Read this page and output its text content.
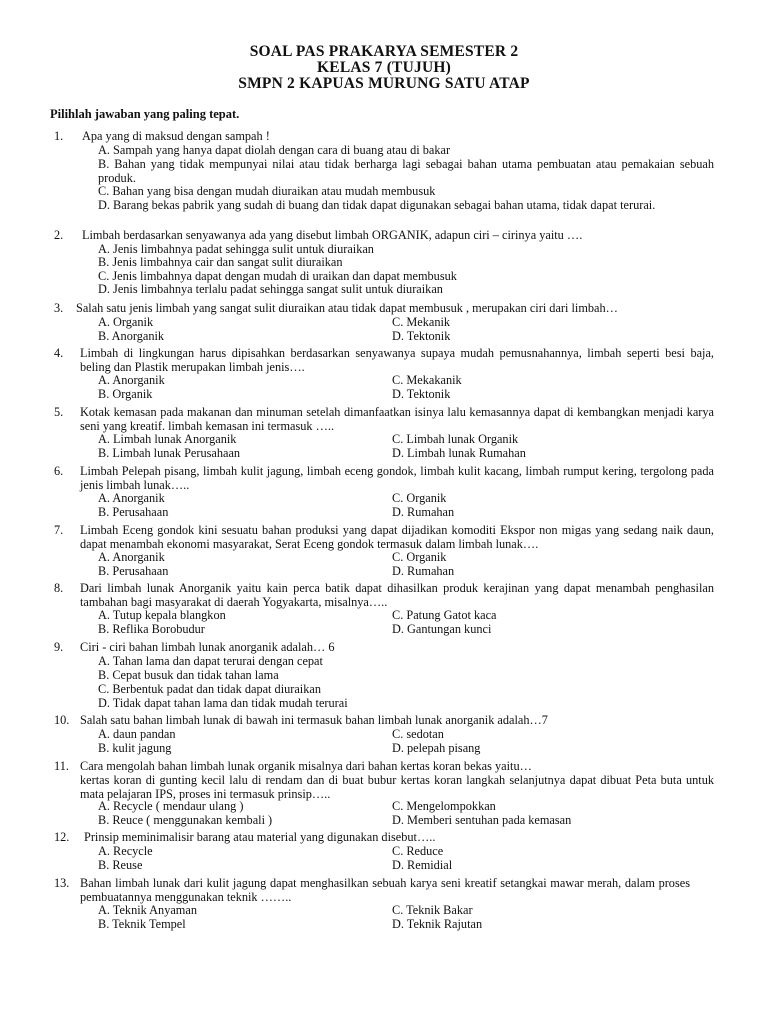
SOAL PAS PRAKARYA SEMESTER 2
KELAS 7 (TUJUH)
SMPN 2 KAPUAS MURUNG SATU ATAP
Pilihlah jawaban yang paling tepat.
1. Apa yang di maksud dengan sampah !
A. Sampah yang hanya dapat diolah dengan cara di buang atau di bakar
B. Bahan yang tidak mempunyai nilai atau tidak berharga lagi sebagai bahan utama pembuatan atau pemakaian sebuah produk.
C. Bahan yang bisa dengan mudah diuraikan atau mudah membusuk
D. Barang bekas pabrik yang sudah di buang dan tidak dapat digunakan sebagai bahan utama, tidak dapat terurai.
2. Limbah berdasarkan senyawanya ada yang disebut limbah ORGANIK, adapun ciri – cirinya yaitu ….
A. Jenis limbahnya padat sehingga sulit untuk diuraikan
B. Jenis limbahnya cair dan sangat sulit diuraikan
C. Jenis limbahnya dapat dengan mudah di uraikan dan dapat membusuk
D. Jenis limbahnya terlalu padat sehingga sangat sulit untuk diuraikan
3. Salah satu jenis limbah yang sangat sulit diuraikan atau tidak dapat membusuk , merupakan ciri dari limbah…
A. Organik	C. Mekanik
B. Anorganik	D. Tektonik
4. Limbah di lingkungan harus dipisahkan berdasarkan senyawanya supaya mudah pemusnahannya, limbah seperti besi baja, beling dan Plastik merupakan limbah jenis….
A. Anorganik	C. Mekakanik
B. Organik	D. Tektonik
5. Kotak kemasan pada makanan dan minuman setelah dimanfaatkan isinya lalu kemasannya dapat di kembangkan menjadi karya seni yang kreatif. limbah kemasan ini termasuk …..
A. Limbah lunak Anorganik	C. Limbah lunak Organik
B. Limbah lunak Perusahaan	D. Limbah lunak Rumahan
6. Limbah Pelepah pisang, limbah kulit jagung, limbah eceng gondok, limbah kulit kacang, limbah rumput kering, tergolong pada jenis limbah lunak…..
A. Anorganik	C. Organik
B. Perusahaan	D. Rumahan
7. Limbah Eceng gondok kini sesuatu bahan produksi yang dapat dijadikan komoditi Ekspor non migas yang sedang naik daun, dapat menambah ekonomi masyarakat, Serat Eceng gondok termasuk dalam limbah lunak….
A. Anorganik	C. Organik
B. Perusahaan	D. Rumahan
8. Dari limbah lunak Anorganik yaitu kain perca batik dapat dihasilkan produk kerajinan yang dapat menambah penghasilan tambahan bagi masyarakat di daerah Yogyakarta, misalnya…..
A. Tutup kepala blangkon	C. Patung Gatot kaca
B. Reflika Borobudur	D. Gantungan kunci
9. Ciri - ciri bahan limbah lunak anorganik adalah… 6
A. Tahan lama dan dapat terurai dengan cepat
B. Cepat busuk dan tidak tahan lama
C. Berbentuk padat dan tidak dapat diuraikan
D. Tidak dapat tahan lama dan tidak mudah terurai
10. Salah satu bahan limbah lunak di bawah ini termasuk bahan limbah lunak anorganik adalah…7
A. daun pandan	C. sedotan
B. kulit jagung	D. pelepah pisang
11. Cara mengolah bahan limbah lunak organik misalnya dari bahan kertas koran bekas yaitu…
kertas koran di gunting kecil lalu di rendam dan di buat bubur kertas koran langkah selanjutnya dapat dibuat Peta buta untuk mata pelajaran IPS, proses ini termasuk prinsip…..
A. Recycle ( mendaur ulang )	C. Mengelompokkan
B. Reuce ( menggunakan kembali )	D. Memberi sentuhan pada kemasan
12. Prinsip meminimalisir barang atau material yang digunakan disebut…..
A. Recycle	C. Reduce
B. Reuse	D. Remidial
13. Bahan limbah lunak dari kulit jagung dapat menghasilkan sebuah karya seni kreatif setangkai mawar merah, dalam proses pembuatannya menggunakan teknik ……..
A. Teknik Anyaman	C. Teknik Bakar
B. Teknik Tempel	D. Teknik Rajutan
